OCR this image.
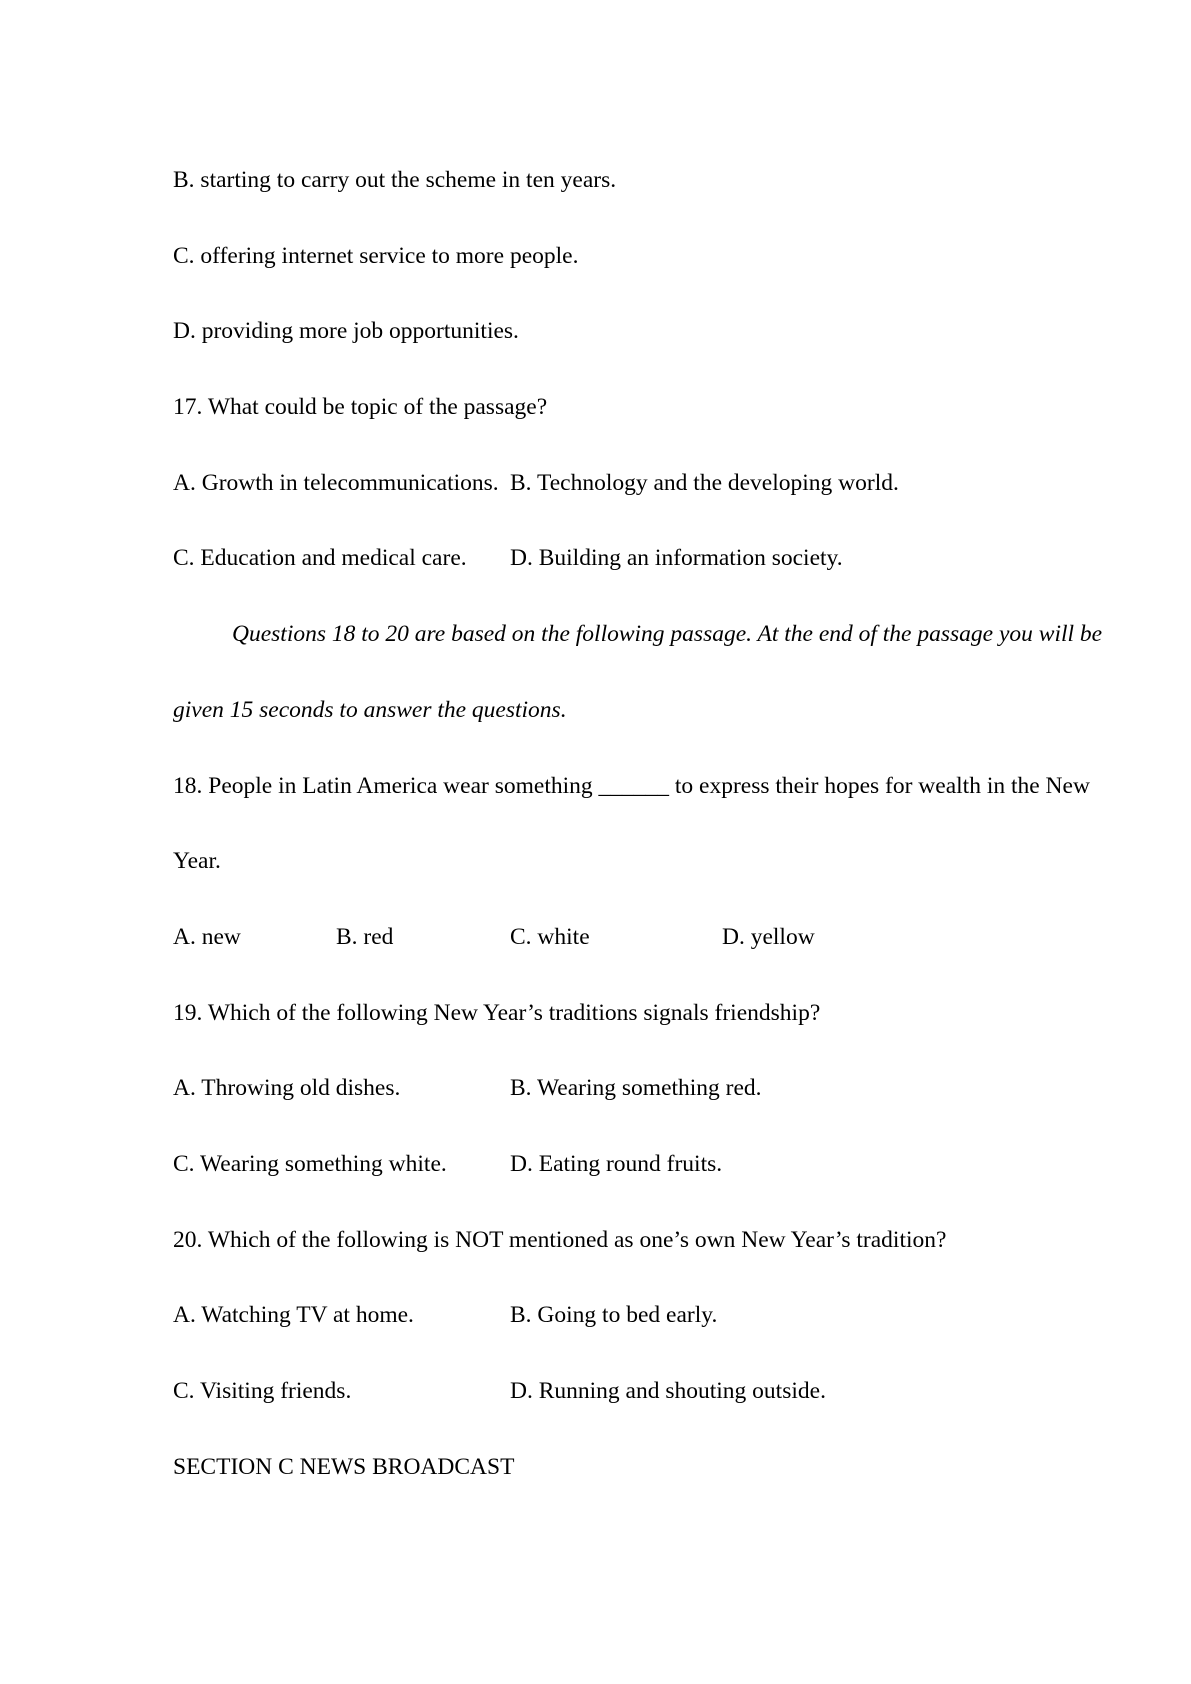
B. starting to carry out the scheme in ten years.
C. offering internet service to more people.
D. providing more job opportunities.
17. What could be topic of the passage?
A. Growth in telecommunications. B. Technology and the developing world.
C. Education and medical care.	D. Building an information society.
Questions 18 to 20 are based on the following passage. At the end of the passage you will be
given 15 seconds to answer the questions.
18. People in Latin America wear something ______ to express their hopes for wealth in the New
Year.
A. new	B. red	C. white	D. yellow
19. Which of the following New Year’s traditions signals friendship?
A. Throwing old dishes.	B. Wearing something red.
C. Wearing something white.	D. Eating round fruits.
20. Which of the following is NOT mentioned as one’s own New Year’s tradition?
A. Watching TV at home.	B. Going to bed early.
C. Visiting friends.	D. Running and shouting outside.
SECTION C NEWS BROADCAST
